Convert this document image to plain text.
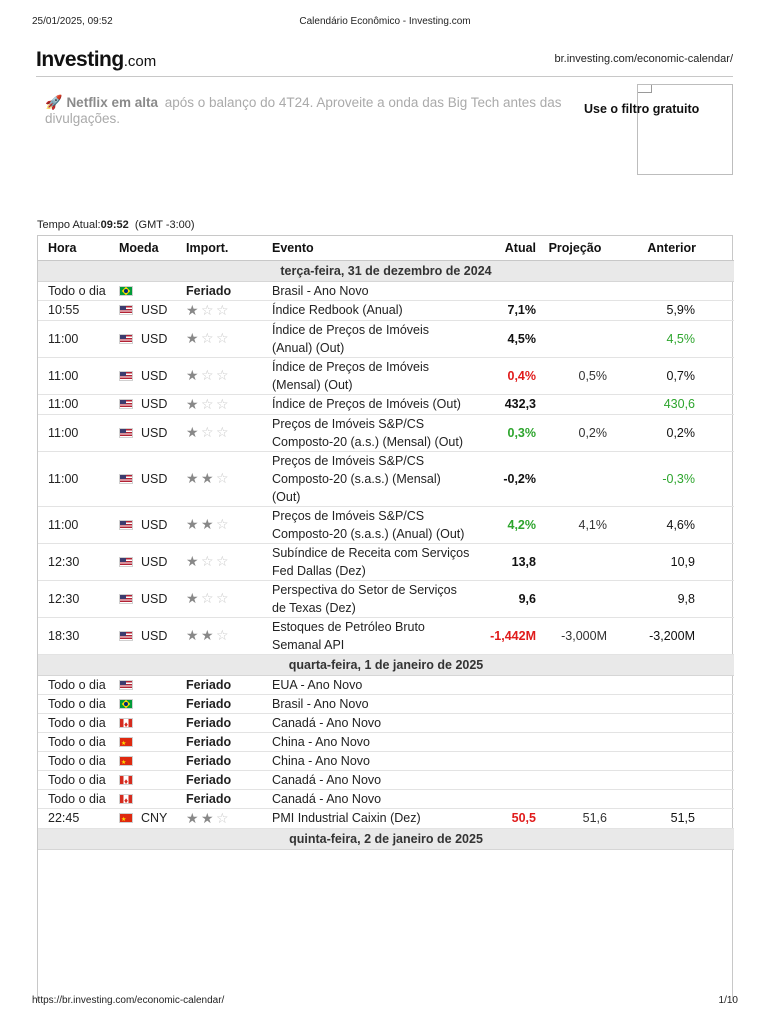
25/01/2025, 09:52	Calendário Econômico - Investing.com
Investing.com	br.investing.com/economic-calendar/
🚀 Netflix em alta após o balanço do 4T24. Aproveite a onda das Big Tech antes das divulgações.
Use o filtro gratuito
Tempo Atual:09:52 (GMT -3:00)
Hora	Moeda	Import.	Evento	Atual	Projeção	Anterior
terça-feira, 31 de dezembro de 2024						
Todo o dia		Feriado	Brasil - Ano Novo			
10:55	USD	★ ☆ ☆	Índice Redbook (Anual)	7,1%		5,9%
11:00	USD	★ ☆ ☆	Índice de Preços de Imóveis (Anual) (Out)	4,5%		4,5%
11:00	USD	★ ☆ ☆	Índice de Preços de Imóveis (Mensal) (Out)	0,4%	0,5%	0,7%
11:00	USD	★ ☆ ☆	Índice de Preços de Imóveis (Out)	432,3		430,6
11:00	USD	★ ☆ ☆	Preços de Imóveis S&P/CS Composto-20 (a.s.) (Mensal) (Out)	0,3%	0,2%	0,2%
11:00	USD	★ ★ ☆	Preços de Imóveis S&P/CS Composto-20 (s.a.s.) (Mensal) (Out)	-0,2%		-0,3%
11:00	USD	★ ★ ☆	Preços de Imóveis S&P/CS Composto-20 (s.a.s.) (Anual) (Out)	4,2%	4,1%	4,6%
12:30	USD	★ ☆ ☆	Subíndice de Receita com Serviços Fed Dallas (Dez)	13,8		10,9
12:30	USD	★ ☆ ☆	Perspectiva do Setor de Serviços de Texas (Dez)	9,6		9,8
18:30	USD	★ ★ ☆	Estoques de Petróleo Bruto Semanal API	-1,442M	-3,000M	-3,200M
quarta-feira, 1 de janeiro de 2025						
Todo o dia		Feriado	EUA - Ano Novo			
Todo o dia		Feriado	Brasil - Ano Novo			
Todo o dia	♦	Feriado	Canadá - Ano Novo			
Todo o dia	★	Feriado	China - Ano Novo			
Todo o dia	★	Feriado	China - Ano Novo			
Todo o dia	♦	Feriado	Canadá - Ano Novo			
Todo o dia	♦	Feriado	Canadá - Ano Novo			
22:45	★CNY	★ ★ ☆	PMI Industrial Caixin (Dez)	50,5	51,6	51,5
quinta-feira, 2 de janeiro de 2025						

https://br.investing.com/economic-calendar/	1/10
